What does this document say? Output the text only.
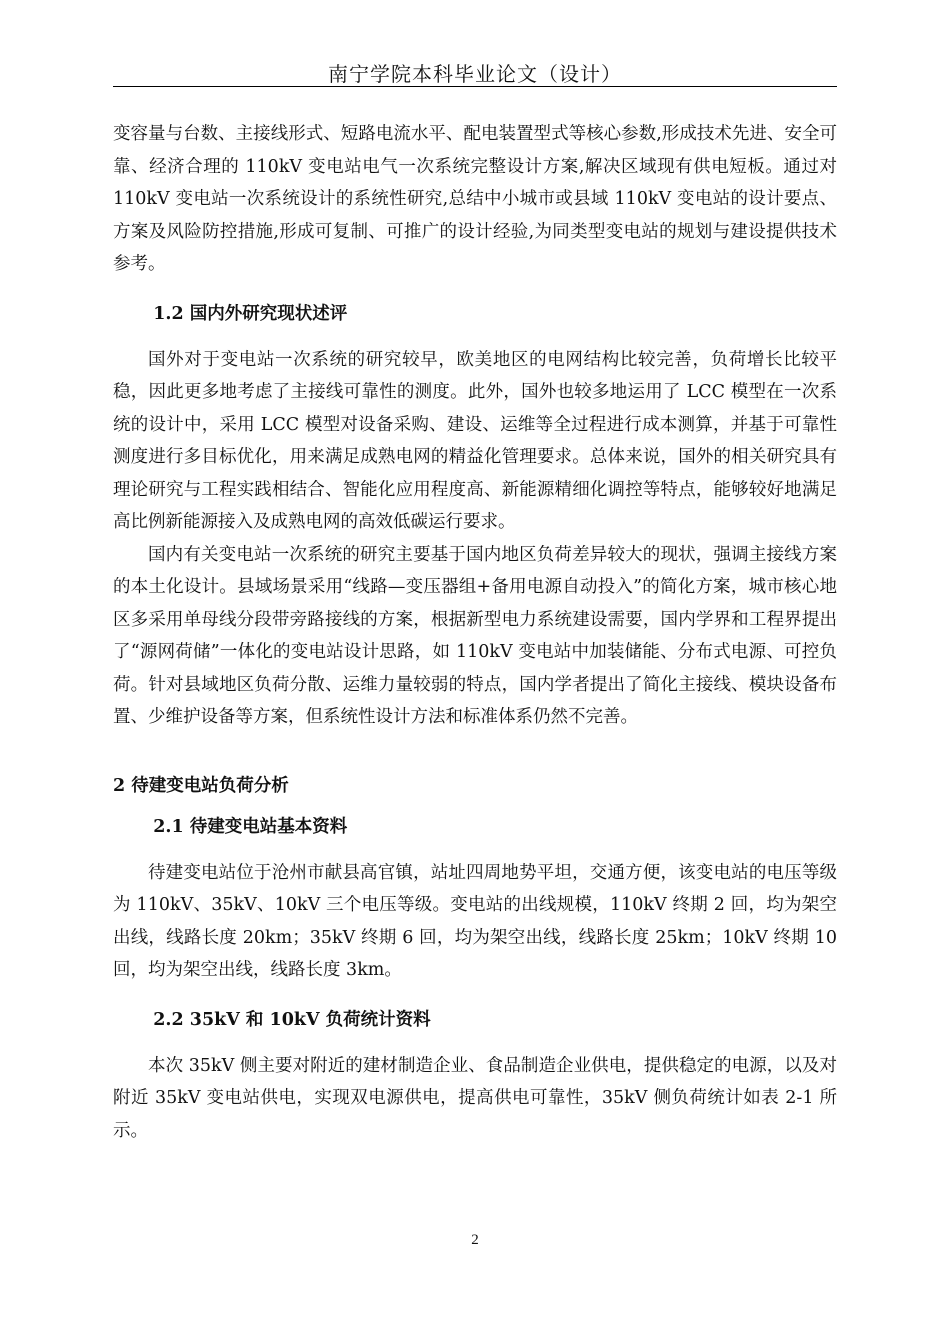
南宁学院本科毕业论文（设计）

变容量与台数、主接线形式、短路电流水平、配电装置型式等核心参数,形成技术先进、安全可靠、经济合理的 110kV 变电站电气一次系统完整设计方案,解决区域现有供电短板。通过对 110kV 变电站一次系统设计的系统性研究,总结中小城市或县域 110kV 变电站的设计要点、方案及风险防控措施,形成可复制、可推广的设计经验,为同类型变电站的规划与建设提供技术参考。

1.2 国内外研究现状述评

国外对于变电站一次系统的研究较早，欧美地区的电网结构比较完善，负荷增长比较平稳，因此更多地考虑了主接线可靠性的测度。此外，国外也较多地运用了 LCC 模型在一次系统的设计中，采用 LCC 模型对设备采购、建设、运维等全过程进行成本测算，并基于可靠性测度进行多目标优化，用来满足成熟电网的精益化管理要求。总体来说，国外的相关研究具有理论研究与工程实践相结合、智能化应用程度高、新能源精细化调控等特点，能够较好地满足高比例新能源接入及成熟电网的高效低碳运行要求。

国内有关变电站一次系统的研究主要基于国内地区负荷差异较大的现状，强调主接线方案的本土化设计。县域场景采用“线路—变压器组+备用电源自动投入”的简化方案，城市核心地区多采用单母线分段带旁路接线的方案，根据新型电力系统建设需要，国内学界和工程界提出了“源网荷储”一体化的变电站设计思路，如 110kV 变电站中加装储能、分布式电源、可控负荷。针对县域地区负荷分散、运维力量较弱的特点，国内学者提出了简化主接线、模块设备布置、少维护设备等方案，但系统性设计方法和标准体系仍然不完善。

2 待建变电站负荷分析
2.1 待建变电站基本资料

待建变电站位于沧州市献县高官镇，站址四周地势平坦，交通方便，该变电站的电压等级为 110kV、35kV、10kV 三个电压等级。变电站的出线规模，110kV 终期 2 回，均为架空出线，线路长度 20km；35kV 终期 6 回，均为架空出线，线路长度 25km；10kV 终期 10 回，均为架空出线，线路长度 3km。

2.2 35kV 和 10kV 负荷统计资料

本次 35kV 侧主要对附近的建材制造企业、食品制造企业供电，提供稳定的电源，以及对附近 35kV 变电站供电，实现双电源供电，提高供电可靠性，35kV 侧负荷统计如表 2-1 所示。

2
